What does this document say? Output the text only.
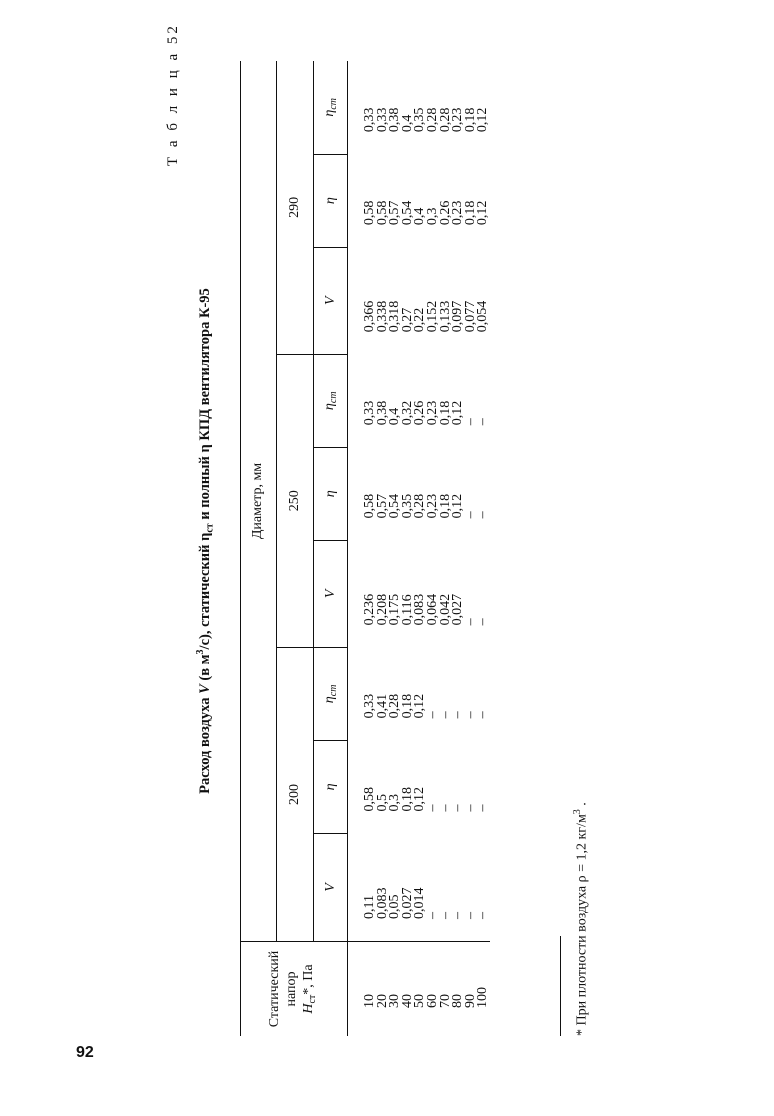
92
Т а б л и ц а 52
Расход воздуха V (в $м^3/с$), статический $\eta_{ст}$ и полный η КПД вентилятора К-95
Статический напор
$H_{ст}*$, Па	Диаметр, мм								
	200			250			290		
	V	η	$\eta_{ст}$	V	η	$\eta_{ст}$	V	η	$\eta_{ст}$
10	0,11	0,58	0,33	0,236	0,58	0,33	0,366	0,58	0,33
20	0,083	0,5	0,41	0,208	0,57	0,38	0,338	0,58	0,33
30	0,05	0,3	0,28	0,175	0,54	0,4	0,318	0,57	0,38
40	0,027	0,18	0,18	0,116	0,35	0,32	0,27	0,54	0,4
50	0,014	0,12	0,12	0,083	0,28	0,26	0,22	0,4	0,35
60	–	–	–	0,064	0,23	0,23	0,152	0,3	0,28
70	–	–	–	0,042	0,18	0,18	0,133	0,26	0,28
80	–	–	–	0,027	0,12	0,12	0,097	0,23	0,23
90	–	–	–	–	–	–	0,077	0,18	0,18
100	–	–	–	–	–	–	0,054	0,12	0,12
* При плотности воздуха ρ = 1,2 $кг/м^3$ .
